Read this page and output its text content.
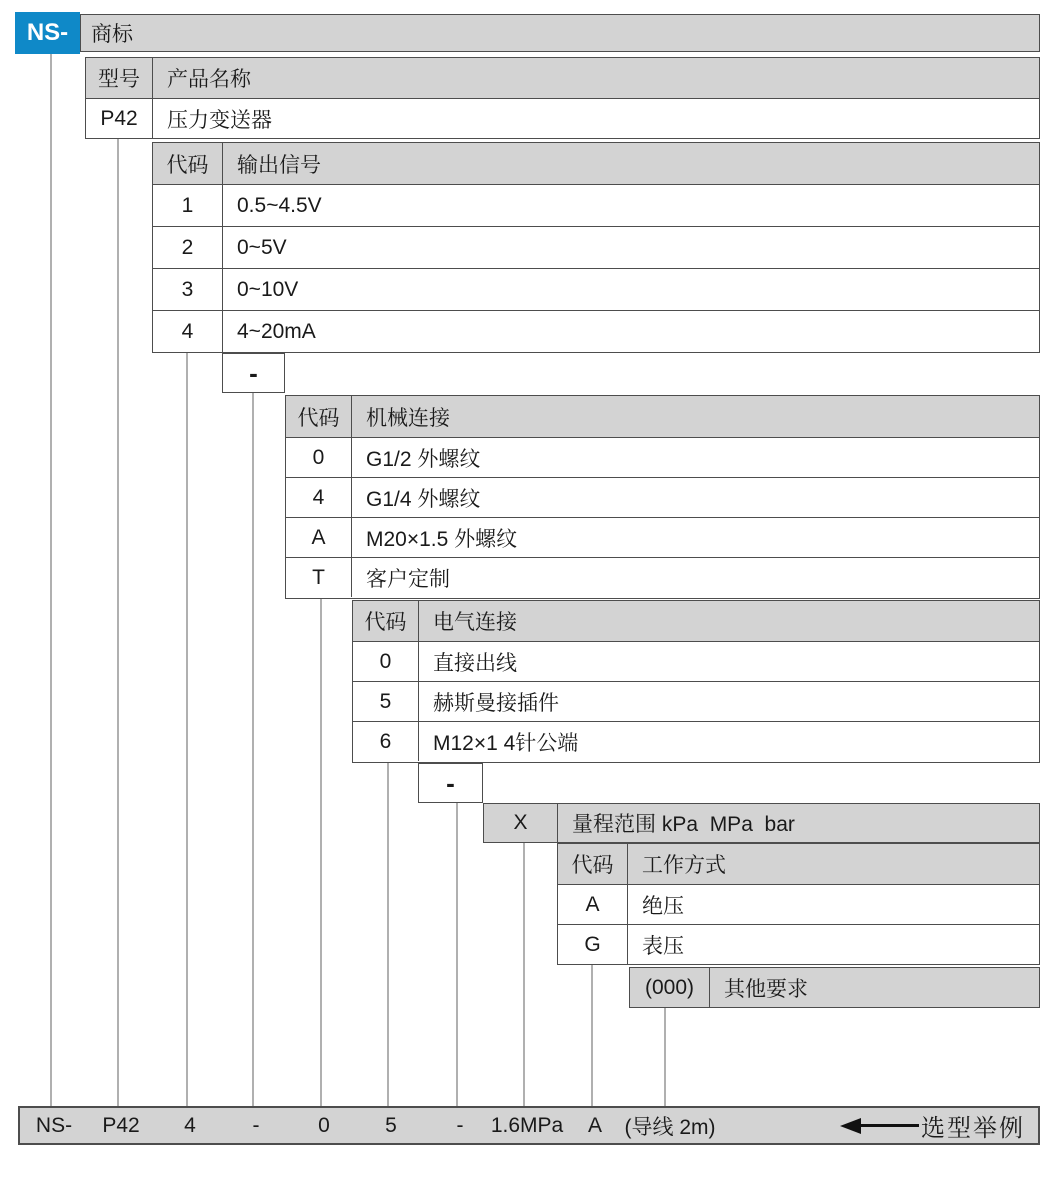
商标
NS-
型号	产品名称
P42	压力变送器
代码	输出信号
1	0.5~4.5V
2	0~5V
3	0~10V
4	4~20mA
-
代码	机械连接
0	G1/2 外螺纹
4	G1/4 外螺纹
A	M20×1.5 外螺纹
T	客户定制
代码	电气连接
0	直接出线
5	赫斯曼接插件
6	M12×1 4针公端
-
X	量程范围 kPa  MPa  bar
代码	工作方式
A	绝压
G	表压
(000)	其他要求
NS- P42 4	-	0	5	- 1.6MPa A (导线 2m)	选型举例
